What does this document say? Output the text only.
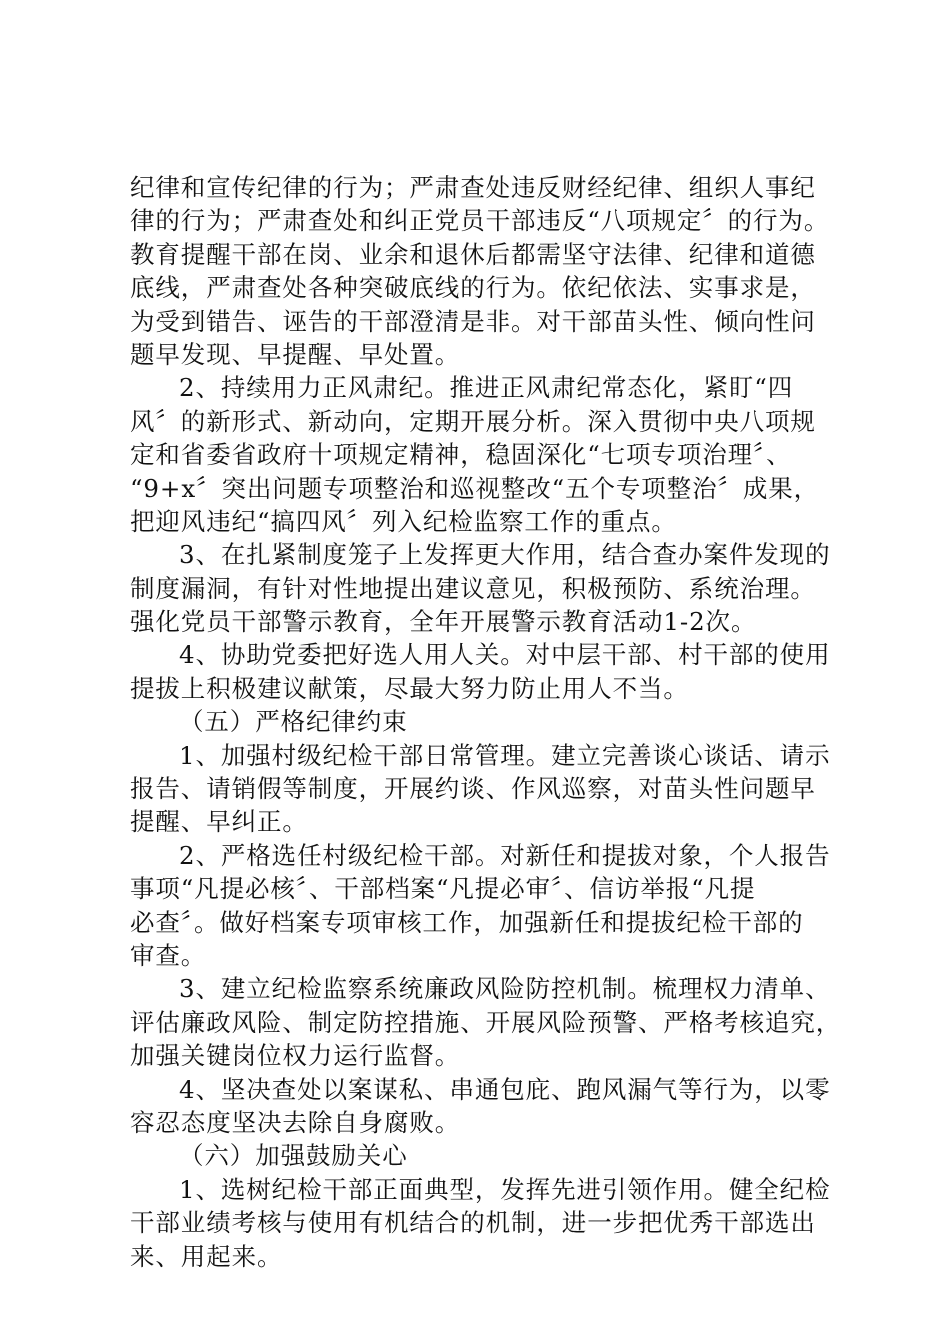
纪律和宣传纪律的行为；严肃查处违反财经纪律、组织人事纪
律的行为；严肃查处和纠正党员干部违反“八项规定〞的行为。
教育提醒干部在岗、业余和退休后都需坚守法律、纪律和道德
底线，严肃查处各种突破底线的行为。依纪依法、实事求是，
为受到错告、诬告的干部澄清是非。对干部苗头性、倾向性问
题早发现、早提醒、早处置。
2、持续用力正风肃纪。推进正风肃纪常态化，紧盯“四
风〞的新形式、新动向，定期开展分析。深入贯彻中央八项规
定和省委省政府十项规定精神，稳固深化“七项专项治理〞、
“9+x〞突出问题专项整治和巡视整改“五个专项整治〞成果，
把迎风违纪“搞四风〞列入纪检监察工作的重点。
3、在扎紧制度笼子上发挥更大作用，结合查办案件发现的
制度漏洞，有针对性地提出建议意见，积极预防、系统治理。
强化党员干部警示教育，全年开展警示教育活动1-2次。
4、协助党委把好选人用人关。对中层干部、村干部的使用
提拔上积极建议献策，尽最大努力防止用人不当。
（五）严格纪律约束
1、加强村级纪检干部日常管理。建立完善谈心谈话、请示
报告、请销假等制度，开展约谈、作风巡察，对苗头性问题早
提醒、早纠正。
2、严格选任村级纪检干部。对新任和提拔对象，个人报告
事项“凡提必核〞、干部档案“凡提必审〞、信访举报“凡提
必查〞。做好档案专项审核工作，加强新任和提拔纪检干部的
审查。
3、建立纪检监察系统廉政风险防控机制。梳理权力清单、
评估廉政风险、制定防控措施、开展风险预警、严格考核追究，
加强关键岗位权力运行监督。
4、坚决查处以案谋私、串通包庇、跑风漏气等行为，以零
容忍态度坚决去除自身腐败。
（六）加强鼓励关心
1、选树纪检干部正面典型，发挥先进引领作用。健全纪检
干部业绩考核与使用有机结合的机制，进一步把优秀干部选出
来、用起来。
